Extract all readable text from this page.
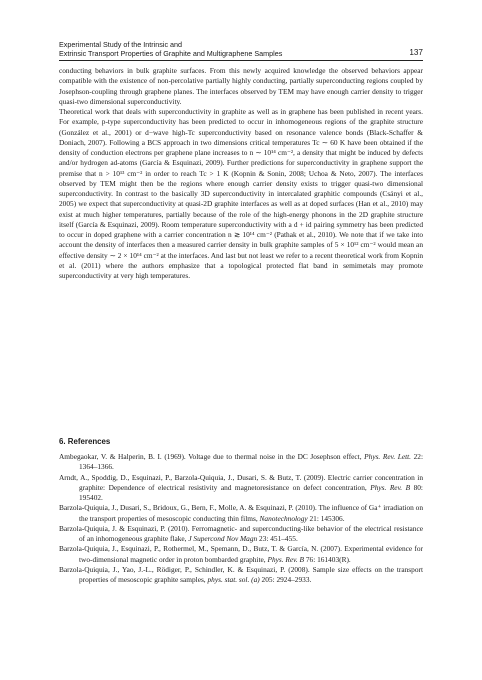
Experimental Study of the Intrinsic and
Extrinsic Transport Properties of Graphite and Multigraphene Samples	137

conducting behaviors in bulk graphite surfaces. From this newly acquired knowledge the observed behaviors appear compatible with the existence of non-percolative partially highly conducting, partially superconducting regions coupled by Josephson-coupling through graphene planes. The interfaces observed by TEM may have enough carrier density to trigger quasi-two dimensional superconductivity.

Theoretical work that deals with superconductivity in graphite as well as in graphene has been published in recent years. For example, p-type superconductivity has been predicted to occur in inhomogeneous regions of the graphite structure (González et al., 2001) or d−wave high-Tc superconductivity based on resonance valence bonds (Black-Schaffer & Doniach, 2007). Following a BCS approach in two dimensions critical temperatures Tc ∼ 60 K have been obtained if the density of conduction electrons per graphene plane increases to n ∼ 10¹⁴ cm⁻², a density that might be induced by defects and/or hydrogen ad-atoms (García & Esquinazi, 2009). Further predictions for superconductivity in graphene support the premise that n > 10¹³ cm⁻² in order to reach Tc > 1 K (Kopnin & Sonin, 2008; Uchoa & Neto, 2007). The interfaces observed by TEM might then be the regions where enough carrier density exists to trigger quasi-two dimensional superconductivity. In contrast to the basically 3D superconductivity in intercalated graphitic compounds (Csányi et al., 2005) we expect that superconductivity at quasi-2D graphite interfaces as well as at doped surfaces (Han et al., 2010) may exist at much higher temperatures, partially because of the role of the high-energy phonons in the 2D graphite structure itself (García & Esquinazi, 2009). Room temperature superconductivity with a d + id pairing symmetry has been predicted to occur in doped graphene with a carrier concentration n ≳ 10¹⁴ cm⁻² (Pathak et al., 2010). We note that if we take into account the density of interfaces then a measured carrier density in bulk graphite samples of 5 × 10¹² cm⁻² would mean an effective density ∼ 2 × 10¹⁴ cm⁻² at the interfaces. And last but not least we refer to a recent theoretical work from Kopnin et al. (2011) where the authors emphasize that a topological protected flat band in semimetals may promote superconductivity at very high temperatures.

6. References
Ambegaokar, V. & Halperin, B. I. (1969). Voltage due to thermal noise in the DC Josephson effect, Phys. Rev. Lett. 22: 1364–1366.
Arndt, A., Spoddig, D., Esquinazi, P., Barzola-Quiquia, J., Dusari, S. & Butz, T. (2009). Electric carrier concentration in graphite: Dependence of electrical resistivity and magnetoresistance on defect concentration, Phys. Rev. B 80: 195402.
Barzola-Quiquia, J., Dusari, S., Bridoux, G., Bern, F., Molle, A. & Esquinazi, P. (2010). The influence of Ga⁺ irradiation on the transport properties of mesoscopic conducting thin films, Nanotechnology 21: 145306.
Barzola-Quiquia, J. & Esquinazi, P. (2010). Ferromagnetic- and superconducting-like behavior of the electrical resistance of an inhomogeneous graphite flake, J Supercond Nov Magn 23: 451–455.
Barzola-Quiquia, J., Esquinazi, P., Rothermel, M., Spemann, D., Butz, T. & García, N. (2007). Experimental evidence for two-dimensional magnetic order in proton bombarded graphite, Phys. Rev. B 76: 161403(R).
Barzola-Quiquia, J., Yao, J.-L., Rödiger, P., Schindler, K. & Esquinazi, P. (2008). Sample size effects on the transport properties of mesoscopic graphite samples, phys. stat. sol. (a) 205: 2924–2933.
